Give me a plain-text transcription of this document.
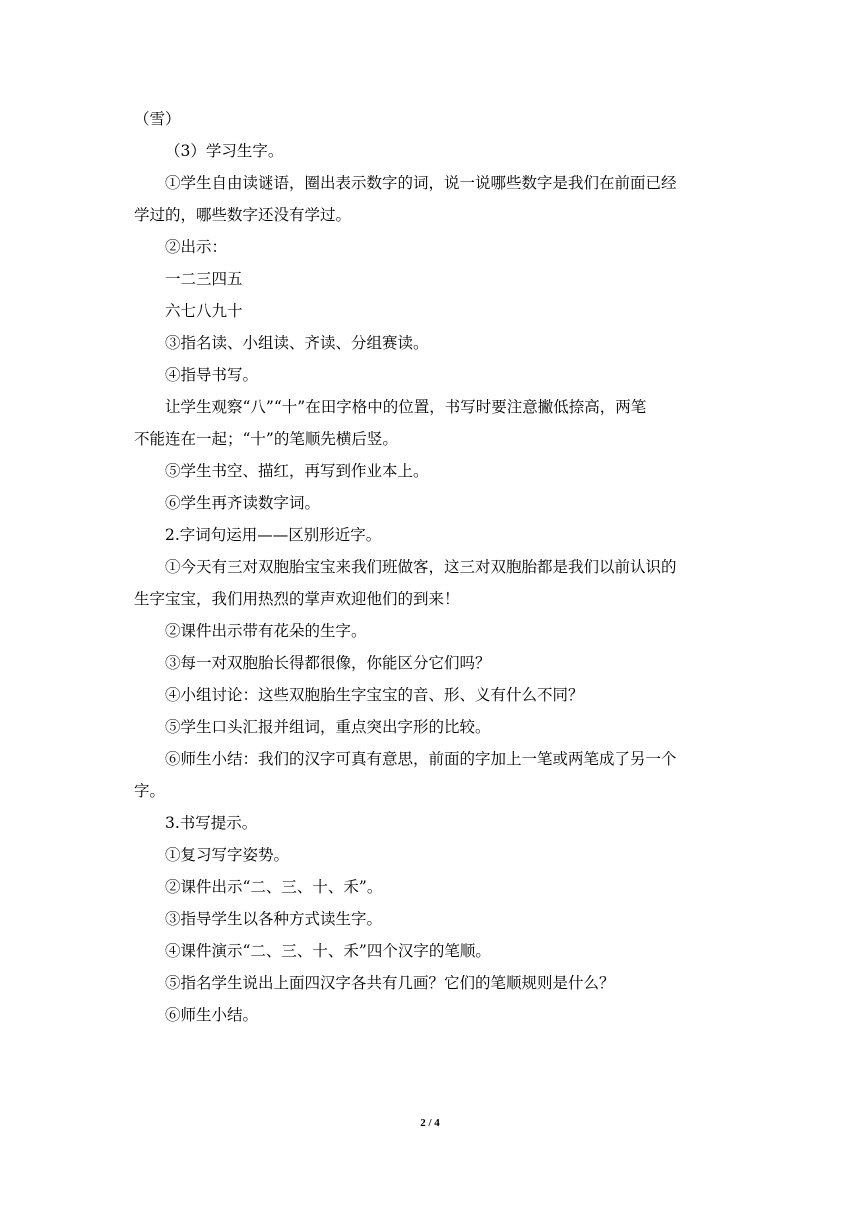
（雪）
（3）学习生字。
①学生自由读谜语，圈出表示数字的词，说一说哪些数字是我们在前面已经
学过的，哪些数字还没有学过。
②出示：
一二三四五
六七八九十
③指名读、小组读、齐读、分组赛读。
④指导书写。
让学生观察“八”“十”在田字格中的位置，书写时要注意撇低捺高，两笔
不能连在一起；“十”的笔顺先横后竖。
⑤学生书空、描红，再写到作业本上。
⑥学生再齐读数字词。
2.字词句运用——区别形近字。
①今天有三对双胞胎宝宝来我们班做客，这三对双胞胎都是我们以前认识的
生字宝宝，我们用热烈的掌声欢迎他们的到来！
②课件出示带有花朵的生字。
③每一对双胞胎长得都很像，你能区分它们吗？
④小组讨论：这些双胞胎生字宝宝的音、形、义有什么不同？
⑤学生口头汇报并组词，重点突出字形的比较。
⑥师生小结：我们的汉字可真有意思，前面的字加上一笔或两笔成了另一个
字。
3.书写提示。
①复习写字姿势。
②课件出示“二、三、十、禾”。
③指导学生以各种方式读生字。
④课件演示“二、三、十、禾”四个汉字的笔顺。
⑤指名学生说出上面四汉字各共有几画？它们的笔顺规则是什么？
⑥师生小结。
2 / 4
